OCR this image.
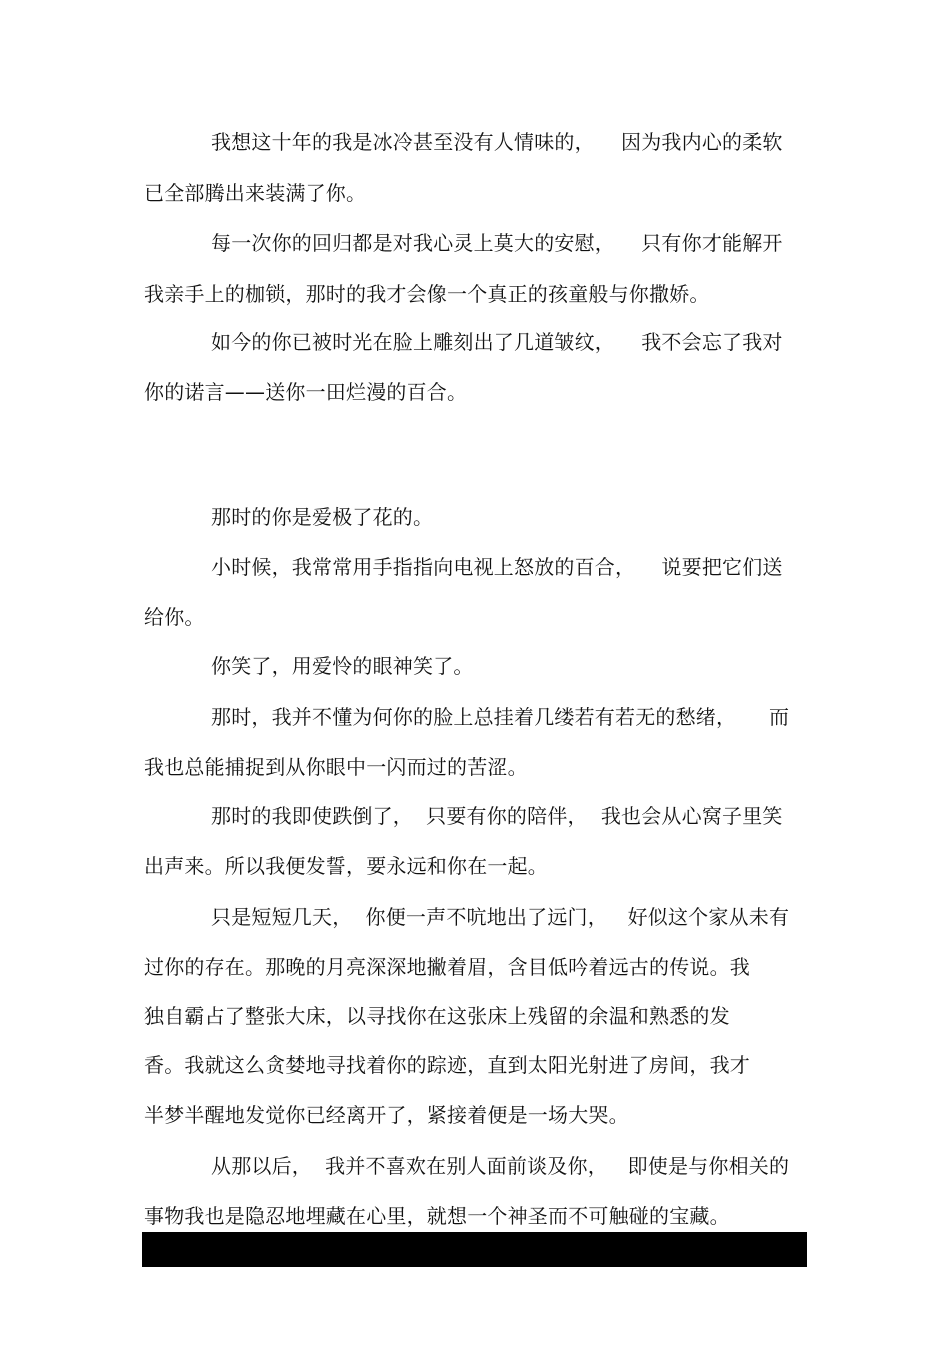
我想这十年的我是冰冷甚至没有人情味的，    因为我内心的柔软
已全部腾出来装满了你。
每一次你的回归都是对我心灵上莫大的安慰，    只有你才能解开
我亲手上的枷锁，那时的我才会像一个真正的孩童般与你撒娇。
如今的你已被时光在脸上雕刻出了几道皱纹，    我不会忘了我对
你的诺言——送你一田烂漫的百合。
那时的你是爱极了花的。
小时候，我常常用手指指向电视上怒放的百合，    说要把它们送
给你。
你笑了，用爱怜的眼神笑了。
那时，我并不懂为何你的脸上总挂着几缕若有若无的愁绪，     而
我也总能捕捉到从你眼中一闪而过的苦涩。
那时的我即使跌倒了，  只要有你的陪伴，  我也会从心窝子里笑
出声来。所以我便发誓，要永远和你在一起。
只是短短几天，  你便一声不吭地出了远门，   好似这个家从未有
过你的存在。那晚的月亮深深地撇着眉，含目低吟着远古的传说。我
独自霸占了整张大床，以寻找你在这张床上残留的余温和熟悉的发
香。我就这么贪婪地寻找着你的踪迹，直到太阳光射进了房间，我才
半梦半醒地发觉你已经离开了，紧接着便是一场大哭。
从那以后，  我并不喜欢在别人面前谈及你，   即使是与你相关的
事物我也是隐忍地埋藏在心里，就想一个神圣而不可触碰的宝藏。
